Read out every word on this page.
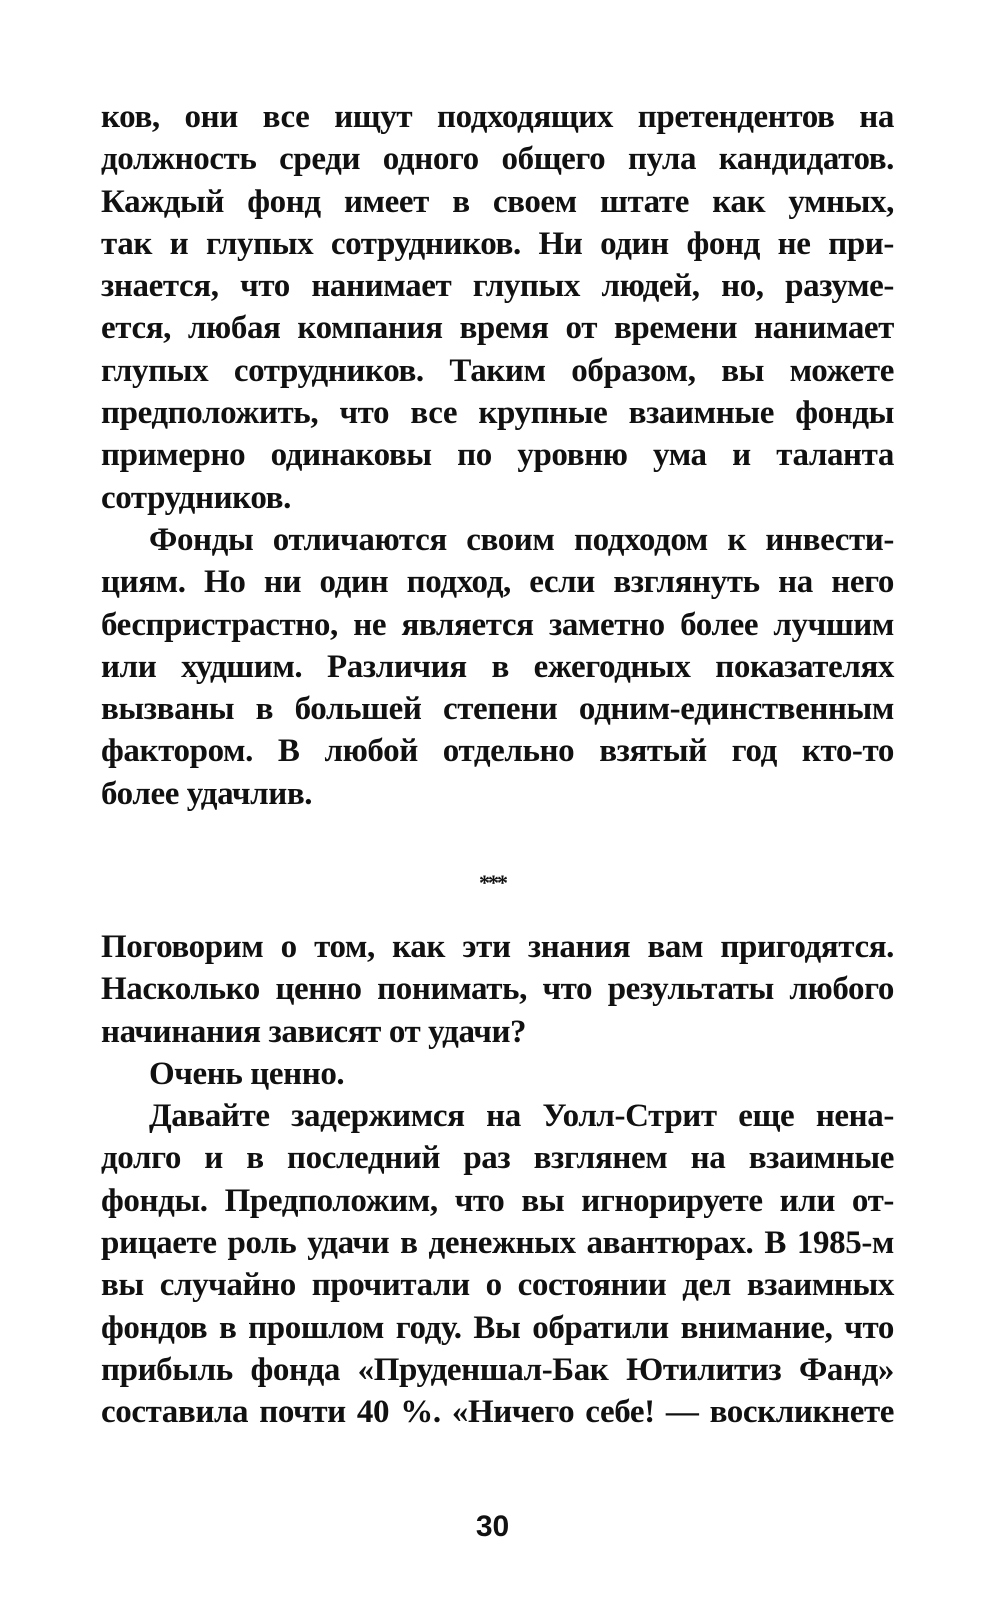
ков, они все ищут подходящих претендентов на
должность среди одного общего пула кандидатов.
Каждый фонд имеет в своем штате как умных,
так и глупых сотрудников. Ни один фонд не при-
знается, что нанимает глупых людей, но, разуме-
ется, любая компания время от времени нанимает
глупых сотрудников. Таким образом, вы можете
предположить, что все крупные взаимные фонды
примерно одинаковы по уровню ума и таланта
сотрудников.
Фонды отличаются своим подходом к инвести-
циям. Но ни один подход, если взглянуть на него
беспристрастно, не является заметно более лучшим
или худшим. Различия в ежегодных показателях
вызваны в большей степени одним-единственным
фактором. В любой отдельно взятый год кто-то
более удачлив.
***
Поговорим о том, как эти знания вам пригодятся.
Насколько ценно понимать, что результаты любого
начинания зависят от удачи?
Очень ценно.
Давайте задержимся на Уолл-Стрит еще нена-
долго и в последний раз взглянем на взаимные
фонды. Предположим, что вы игнорируете или от-
рицаете роль удачи в денежных авантюрах. В 1985-м
вы случайно прочитали о состоянии дел взаимных
фондов в прошлом году. Вы обратили внимание, что
прибыль фонда «Пруденшал-Бак Ютилитиз Фанд»
составила почти 40 %. «Ничего себе! — воскликнете
30
